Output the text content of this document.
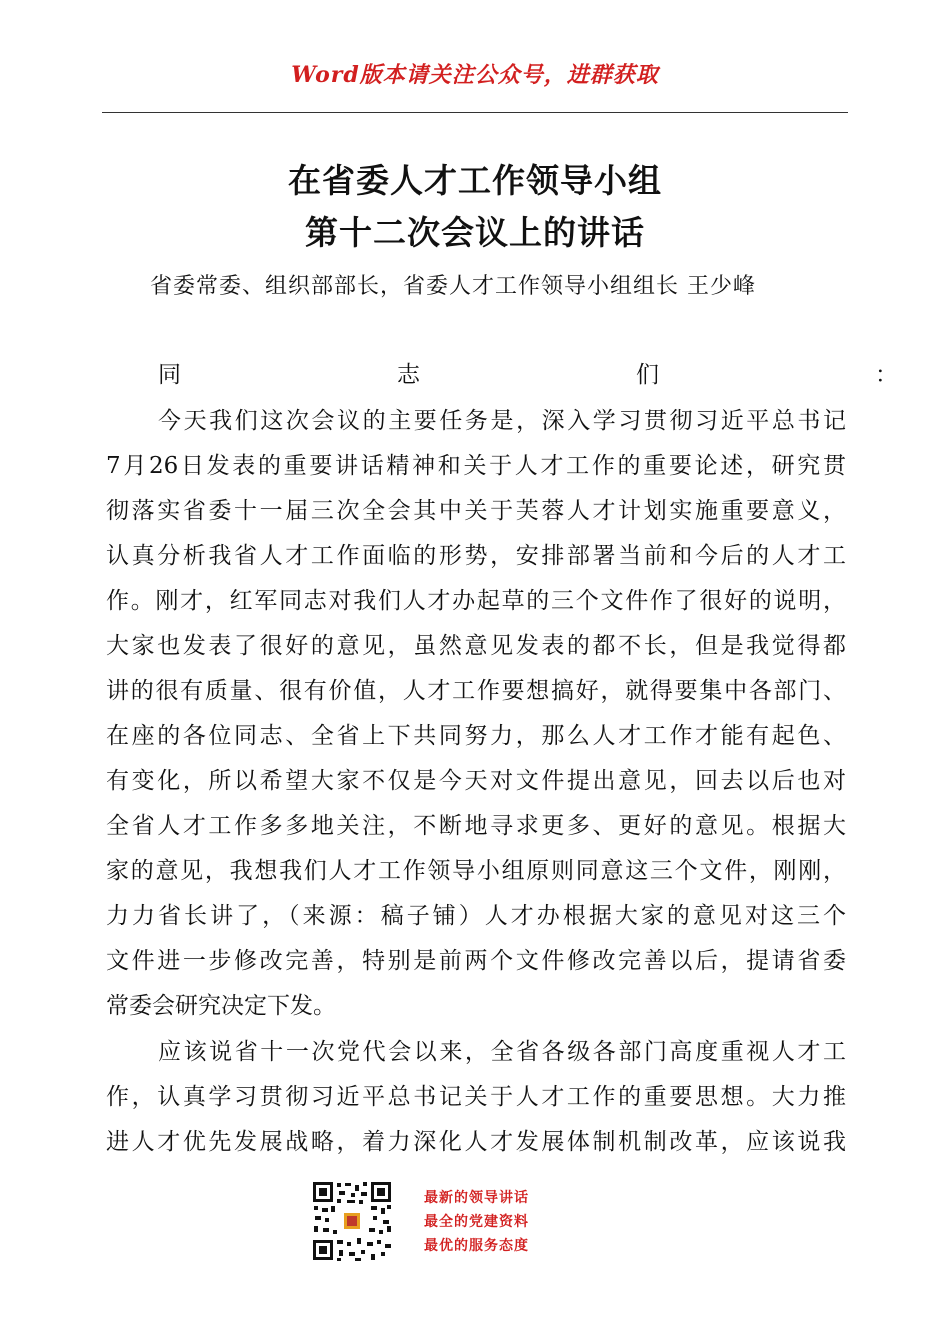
Word版本请关注公众号，进群获取
在省委人才工作领导小组
第十二次会议上的讲话
省委常委、组织部部长，省委人才工作领导小组组长 王少峰
同志们：
今天我们这次会议的主要任务是，深入学习贯彻习近平总书记
7月26日发表的重要讲话精神和关于人才工作的重要论述，研究贯
彻落实省委十一届三次全会其中关于芙蓉人才计划实施重要意义，
认真分析我省人才工作面临的形势，安排部署当前和今后的人才工
作。刚才，红军同志对我们人才办起草的三个文件作了很好的说明，
大家也发表了很好的意见，虽然意见发表的都不长，但是我觉得都
讲的很有质量、很有价值，人才工作要想搞好，就得要集中各部门、
在座的各位同志、全省上下共同努力，那么人才工作才能有起色、
有变化，所以希望大家不仅是今天对文件提出意见，回去以后也对
全省人才工作多多地关注，不断地寻求更多、更好的意见。根据大
家的意见，我想我们人才工作领导小组原则同意这三个文件，刚刚，
力力省长讲了，（来源：稿子铺）人才办根据大家的意见对这三个
文件进一步修改完善，特别是前两个文件修改完善以后，提请省委
常委会研究决定下发。
应该说省十一次党代会以来，全省各级各部门高度重视人才工
作，认真学习贯彻习近平总书记关于人才工作的重要思想。大力推
进人才优先发展战略，着力深化人才发展体制机制改革，应该说我
最新的领导讲话
最全的党建资料
最优的服务态度
